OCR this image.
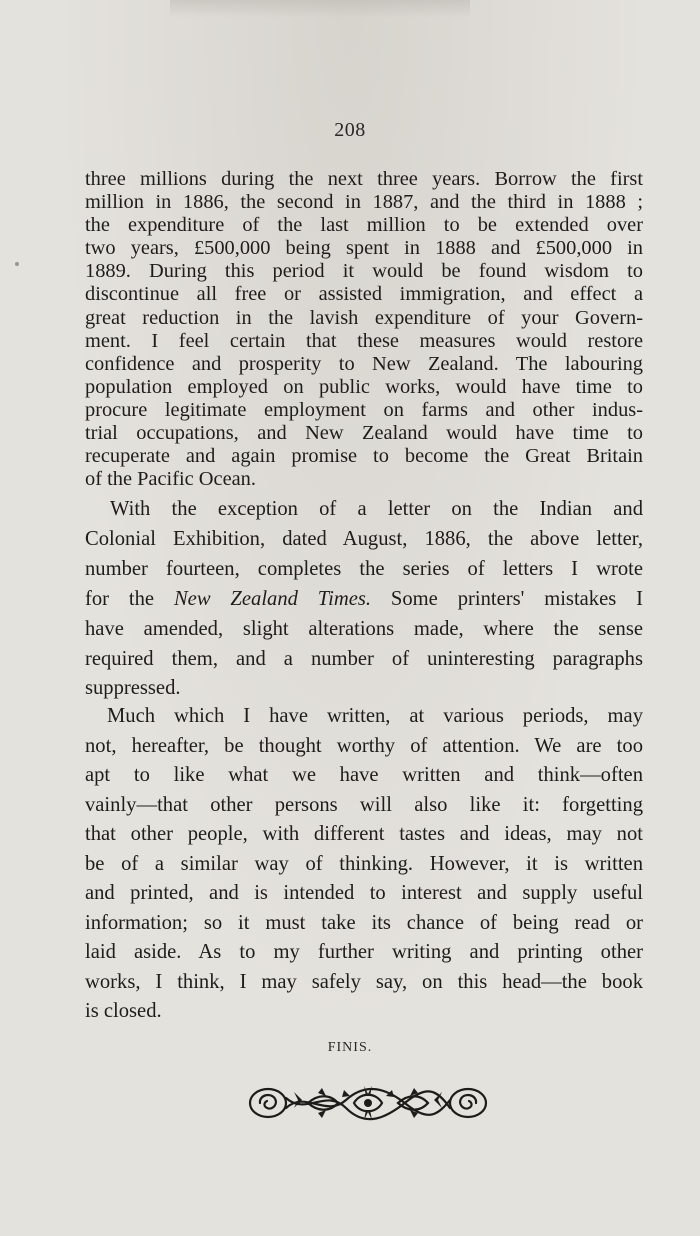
208
three millions during the next three years. Borrow the first
million in 1886, the second in 1887, and the third in 1888 ;
the expenditure of the last million to be extended over
two years, £500,000 being spent in 1888 and £500,000 in
1889. During this period it would be found wisdom to
discontinue all free or assisted immigration, and effect a
great reduction in the lavish expenditure of your Govern-
ment. I feel certain that these measures would restore
confidence and prosperity to New Zealand. The labouring
population employed on public works, would have time to
procure legitimate employment on farms and other indus-
trial occupations, and New Zealand would have time to
recuperate and again promise to become the Great Britain
of the Pacific Ocean.
With the exception of a letter on the Indian and
Colonial Exhibition, dated August, 1886, the above letter,
number fourteen, completes the series of letters I wrote
for the New Zealand Times. Some printers' mistakes I
have amended, slight alterations made, where the sense
required them, and a number of uninteresting paragraphs
suppressed.
Much which I have written, at various periods, may
not, hereafter, be thought worthy of attention. We are too
apt to like what we have written and think—often
vainly—that other persons will also like it: forgetting
that other people, with different tastes and ideas, may not
be of a similar way of thinking. However, it is written
and printed, and is intended to interest and supply useful
information; so it must take its chance of being read or
laid aside. As to my further writing and printing other
works, I think, I may safely say, on this head—the book
is closed.
FINIS.
